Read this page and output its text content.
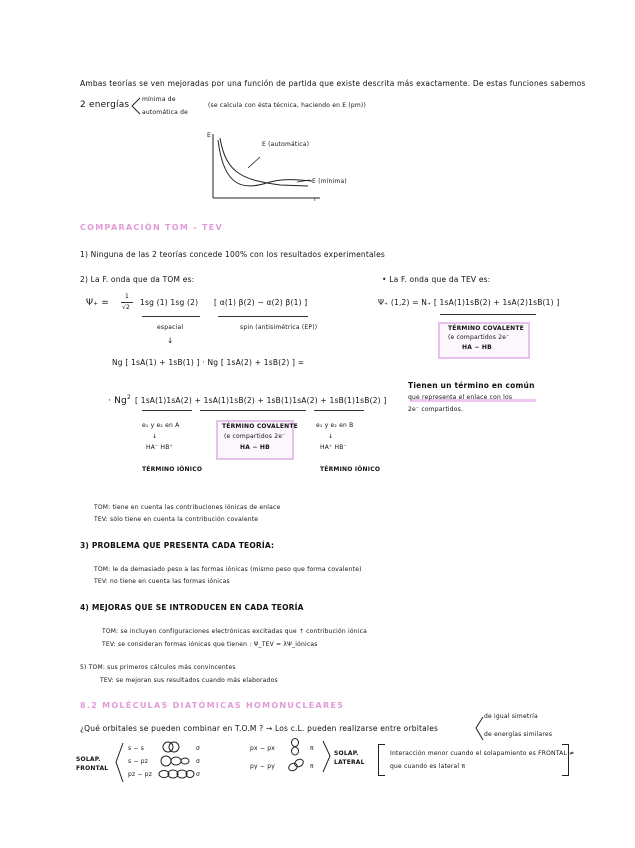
Ambas teorías se ven mejoradas por una función de partida que existe descrita más exactamente. De estas funciones sabemos
2 energías
mínima de
automática de
(se calcula con ésta técnica, haciendo en E (pm))
E
E (automática)
E (mínima)
r
COMPARACIÓN TOM - TEV
1) Ninguna de las 2 teorías concede 100% con los resultados experimentales
2) La F. onda que da TOM es:	• La F. onda que da TEV es:
Ψ₊ =
1
√2
1sg (1) 1sg (2) [ α(1) β(2) − α(2) β(1) ]
espacial	spin (antisimétrica (EP))
↓
Ψ₊ (1,2) = N₊ [ 1sA(1)1sB(2) + 1sA(2)1sB(1) ]
TÉRMINO COVALENTE
(e compartidos 2e⁻
HA − HB
Ng [ 1sA(1) + 1sB(1) ] · Ng [ 1sA(2) + 1sB(2) ] =
· $Ng^2$ [ 1sA(1)1sA(2) + 1sA(1)1sB(2) + 1sB(1)1sA(2) + 1sB(1)1sB(2) ]
e₁ y e₂ en A
↓
HA⁻ HB⁺
TÉRMINO IÓNICO
TÉRMINO COVALENTE
(e compartidos 2e⁻
HA − HB
e₁ y e₂ en B
↓
HA⁺ HB⁻
TÉRMINO IÓNICO
Tienen un término en común
que representa el enlace con los
2e⁻ compartidos.
TOM: tiene en cuenta las contribuciones iónicas de enlace
TEV: sólo tiene en cuenta la contribución covalente
3) PROBLEMA QUE PRESENTA CADA TEORÍA:
TOM: le da demasiado peso a las formas iónicas (mismo peso que forma covalente)
TEV: no tiene en cuenta las formas iónicas
4) MEJORAS QUE SE INTRODUCEN EN CADA TEORÍA
TOM: se incluyen configuraciones electrónicas excitadas que ↑ contribución iónica
TEV: se consideran formas iónicas que tienen : Ψ_TEV = λΨ_iónicas
5) TOM: sus primeros cálculos más convincentes
TEV: se mejoran sus resultados cuando más elaborados
8.2 MOLÉCULAS DIATÓMICAS HOMONUCLEARES
¿Qué orbitales se pueden combinar en T.O.M ? → Los c.L. pueden realizarse entre orbitales
de igual simetría
de energías similares
SOLAP.
FRONTAL
s − s	σ
s − pz	σ
pz − pz	σ
px − px	π
py − py	π
SOLAP.
LATERAL
Interacción menor cuando el solapamiento es FRONTAL ≠
que cuando es lateral π
